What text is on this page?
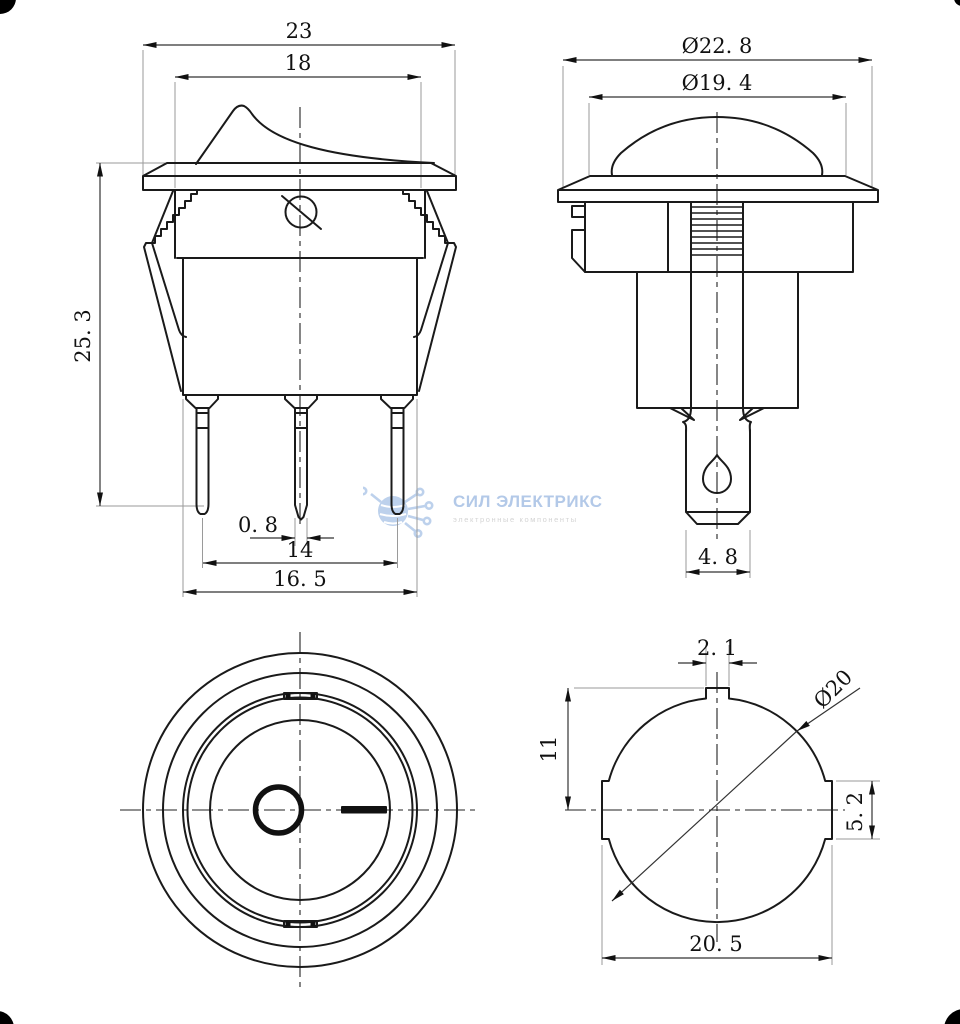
СИЛ ЭЛЕКТРИКС
электронные компоненты
23
18
25. 3
0. 8
14
16. 5
Ø22. 8
Ø19. 4
4. 8
2. 1
11
Ø20
5. 2
20. 5
